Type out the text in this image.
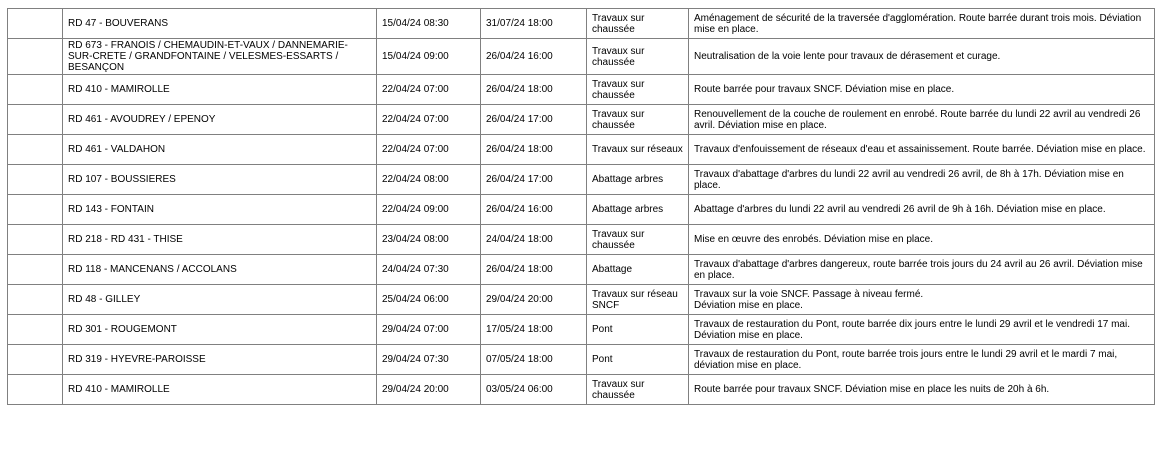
	RD 47 - BOUVERANS	15/04/24 08:30	31/07/24 18:00	Travaux sur chaussée	Aménagement de sécurité de la traversée d'agglomération. Route barrée durant trois mois. Déviation mise en place.
	RD 673 - FRANOIS / CHEMAUDIN-ET-VAUX / DANNEMARIE-SUR-CRETE / GRANDFONTAINE / VELESMES-ESSARTS / BESANÇON	15/04/24 09:00	26/04/24 16:00	Travaux sur chaussée	Neutralisation de la voie lente pour travaux de dérasement et curage.
	RD 410 - MAMIROLLE	22/04/24 07:00	26/04/24 18:00	Travaux sur chaussée	Route barrée pour travaux SNCF. Déviation mise en place.
	RD 461 - AVOUDREY / EPENOY	22/04/24 07:00	26/04/24 17:00	Travaux sur chaussée	Renouvellement de la couche de roulement en enrobé. Route barrée du lundi 22 avril au vendredi 26 avril. Déviation mise en place.
	RD 461 - VALDAHON	22/04/24 07:00	26/04/24 18:00	Travaux sur réseaux	Travaux d'enfouissement de réseaux d'eau et assainissement. Route barrée. Déviation mise en place.
	RD 107 - BOUSSIERES	22/04/24 08:00	26/04/24 17:00	Abattage arbres	Travaux d'abattage d'arbres du lundi 22 avril au vendredi 26 avril, de 8h à 17h. Déviation mise en place.
	RD 143 - FONTAIN	22/04/24 09:00	26/04/24 16:00	Abattage arbres	Abattage d'arbres du lundi 22 avril au vendredi 26 avril de 9h à 16h. Déviation mise en place.
	RD 218 - RD 431 - THISE	23/04/24 08:00	24/04/24 18:00	Travaux sur chaussée	Mise en œuvre des enrobés. Déviation mise en place.
	RD 118 - MANCENANS / ACCOLANS	24/04/24 07:30	26/04/24 18:00	Abattage	Travaux d'abattage d'arbres dangereux, route barrée trois jours du 24 avril au 26 avril. Déviation mise en place.
	RD 48 - GILLEY	25/04/24 06:00	29/04/24 20:00	Travaux sur réseau SNCF	Travaux sur la voie SNCF. Passage à niveau fermé.
Déviation mise en place.
	RD 301 - ROUGEMONT	29/04/24 07:00	17/05/24 18:00	Pont	Travaux de restauration du Pont, route barrée dix jours entre le lundi 29 avril et le vendredi 17 mai. Déviation mise en place.
	RD 319 - HYEVRE-PAROISSE	29/04/24 07:30	07/05/24 18:00	Pont	Travaux de restauration du Pont, route barrée trois jours entre le lundi 29 avril et le mardi 7 mai, déviation mise en place.
	RD 410 - MAMIROLLE	29/04/24 20:00	03/05/24 06:00	Travaux sur chaussée	Route barrée pour travaux SNCF. Déviation mise en place les nuits de 20h à 6h.
